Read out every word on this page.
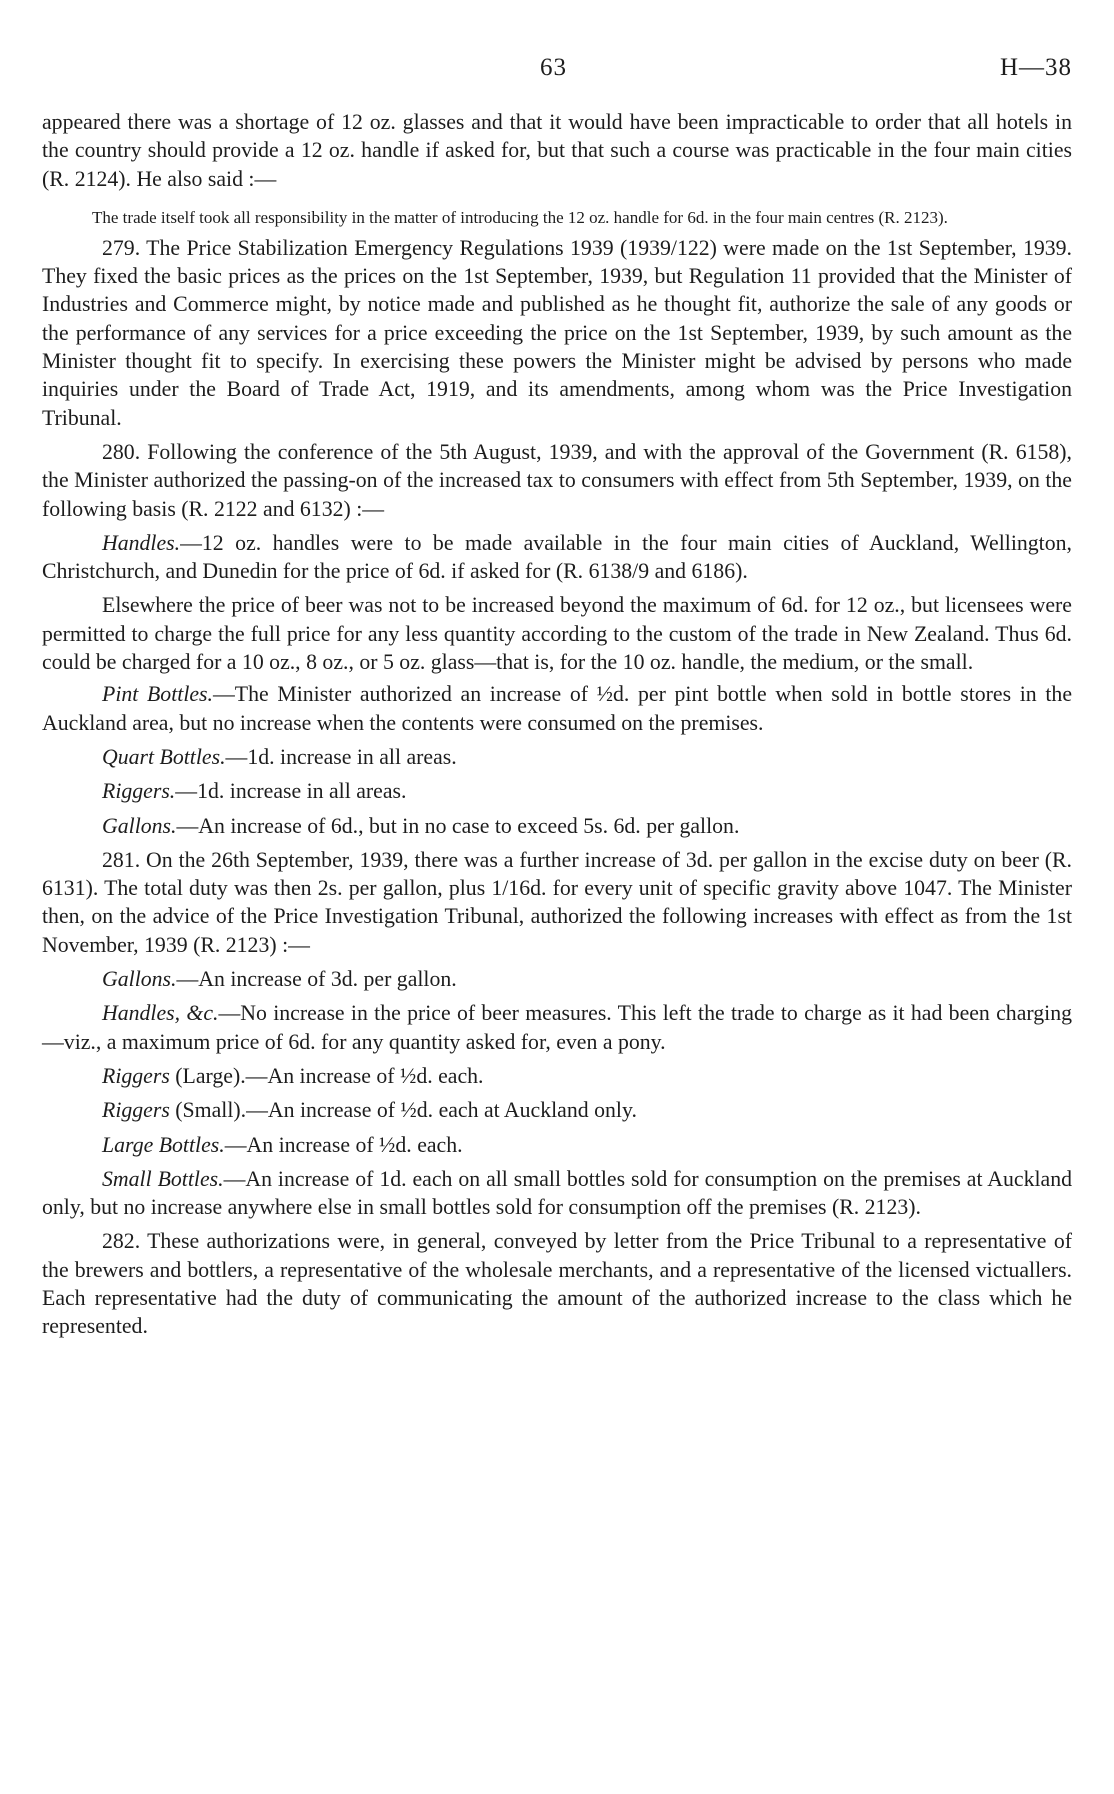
63	H—38

appeared there was a shortage of 12 oz. glasses and that it would have been impracticable to order that all hotels in the country should provide a 12 oz. handle if asked for, but that such a course was practicable in the four main cities (R. 2124). He also said :—

The trade itself took all responsibility in the matter of introducing the 12 oz. handle for 6d. in the four main centres (R. 2123).

279. The Price Stabilization Emergency Regulations 1939 (1939/122) were made on the 1st September, 1939. They fixed the basic prices as the prices on the 1st September, 1939, but Regulation 11 provided that the Minister of Industries and Commerce might, by notice made and published as he thought fit, authorize the sale of any goods or the performance of any services for a price exceeding the price on the 1st September, 1939, by such amount as the Minister thought fit to specify. In exercising these powers the Minister might be advised by persons who made inquiries under the Board of Trade Act, 1919, and its amendments, among whom was the Price Investigation Tribunal.

280. Following the conference of the 5th August, 1939, and with the approval of the Government (R. 6158), the Minister authorized the passing-on of the increased tax to consumers with effect from 5th September, 1939, on the following basis (R. 2122 and 6132) :—

Handles.—12 oz. handles were to be made available in the four main cities of Auckland, Wellington, Christchurch, and Dunedin for the price of 6d. if asked for (R. 6138/9 and 6186).

Elsewhere the price of beer was not to be increased beyond the maximum of 6d. for 12 oz., but licensees were permitted to charge the full price for any less quantity according to the custom of the trade in New Zealand. Thus 6d. could be charged for a 10 oz., 8 oz., or 5 oz. glass—that is, for the 10 oz. handle, the medium, or the small.

Pint Bottles.—The Minister authorized an increase of ½d. per pint bottle when sold in bottle stores in the Auckland area, but no increase when the contents were consumed on the premises.

Quart Bottles.—1d. increase in all areas.

Riggers.—1d. increase in all areas.

Gallons.—An increase of 6d., but in no case to exceed 5s. 6d. per gallon.

281. On the 26th September, 1939, there was a further increase of 3d. per gallon in the excise duty on beer (R. 6131). The total duty was then 2s. per gallon, plus 1/16d. for every unit of specific gravity above 1047. The Minister then, on the advice of the Price Investigation Tribunal, authorized the following increases with effect as from the 1st November, 1939 (R. 2123) :—

Gallons.—An increase of 3d. per gallon.

Handles, &c.—No increase in the price of beer measures. This left the trade to charge as it had been charging—viz., a maximum price of 6d. for any quantity asked for, even a pony.

Riggers (Large).—An increase of ½d. each.

Riggers (Small).—An increase of ½d. each at Auckland only.

Large Bottles.—An increase of ½d. each.

Small Bottles.—An increase of 1d. each on all small bottles sold for consumption on the premises at Auckland only, but no increase anywhere else in small bottles sold for consumption off the premises (R. 2123).

282. These authorizations were, in general, conveyed by letter from the Price Tribunal to a representative of the brewers and bottlers, a representative of the wholesale merchants, and a representative of the licensed victuallers. Each representative had the duty of communicating the amount of the authorized increase to the class which he represented.
